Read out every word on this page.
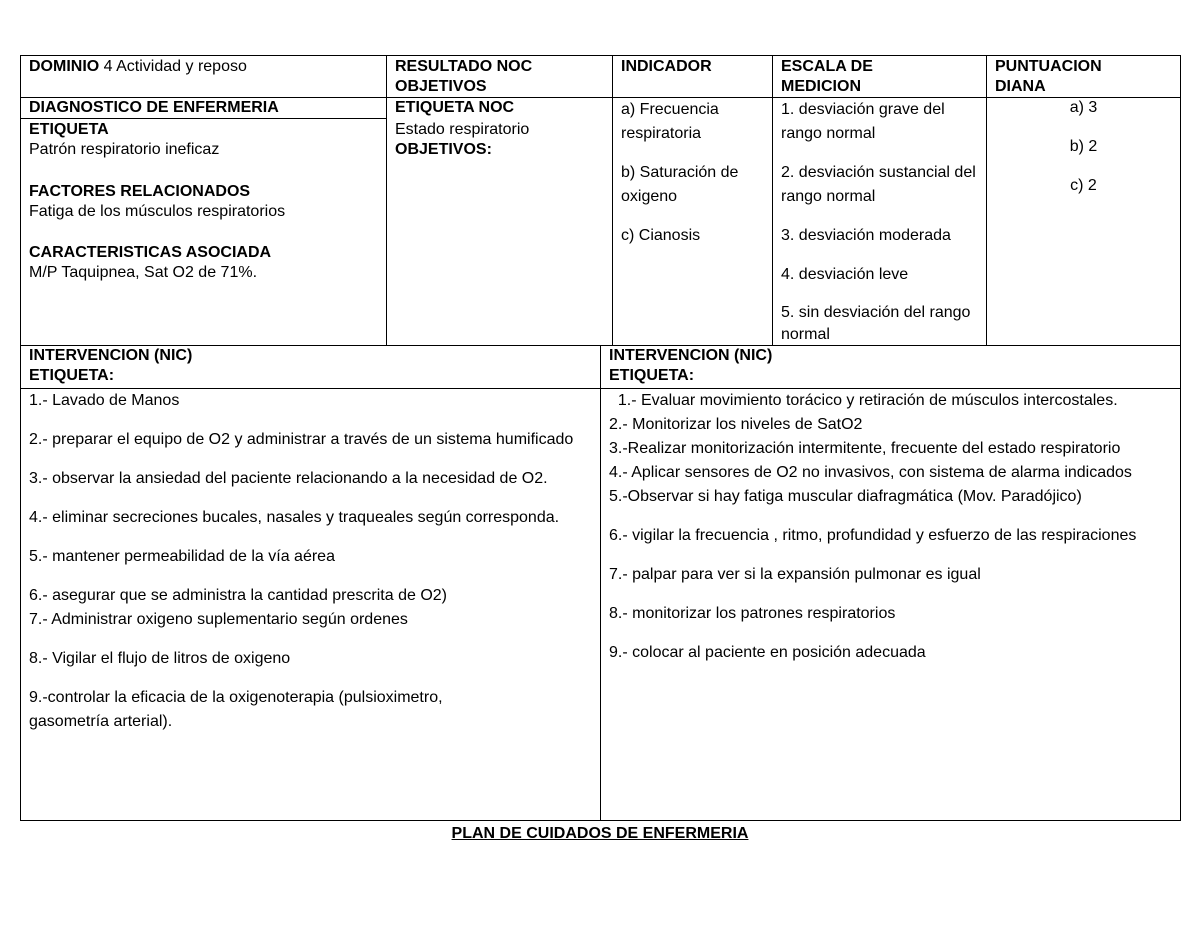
DOMINIO 4 Actividad y reposo	RESULTADO NOC

OBJETIVOS

INDICADOR	ESCALA DE

MEDICION

PUNTUACION

DIANA

DIAGNOSTICO DE ENFERMERIA

ETIQUETA

Patrón respiratorio ineficaz

FACTORES RELACIONADOS

Fatiga de los músculos respiratorios

CARACTERISTICAS ASOCIADA

M/P Taquipnea, Sat O2 de 71%.

ETIQUETA NOC

Estado respiratorio

OBJETIVOS:

a) Frecuencia respiratoria

b) Saturación de oxigeno

c) Cianosis

1. desviación grave del rango normal

2. desviación sustancial del rango normal

3. desviación moderada

4. desviación leve

5. sin desviación del rango normal

a) 3

b) 2

c) 2

INTERVENCION (NIC)

ETIQUETA:

INTERVENCION (NIC)

ETIQUETA:

1.- Lavado de Manos

2.- preparar el equipo de O2 y administrar a través de un sistema humificado

3.- observar la ansiedad del paciente relacionando a la necesidad de O2.

4.- eliminar secreciones bucales, nasales y traqueales según corresponda.

5.- mantener permeabilidad de la vía aérea

6.- asegurar que se administra la cantidad prescrita de O2)

7.- Administrar oxigeno suplementario según ordenes

8.- Vigilar el flujo de litros de oxigeno

9.-controlar la eficacia de la oxigenoterapia (pulsioximetro, gasometría arterial).

1.- Evaluar movimiento torácico y retiración de músculos intercostales.

2.- Monitorizar los niveles de SatO2

3.-Realizar monitorización intermitente, frecuente del estado respiratorio

4.- Aplicar sensores de O2 no invasivos, con sistema de alarma indicados

5.-Observar si hay fatiga muscular diafragmática (Mov. Paradójico)

6.- vigilar la frecuencia , ritmo, profundidad y esfuerzo de las respiraciones

7.- palpar para ver si la expansión pulmonar es igual

8.- monitorizar los patrones respiratorios

9.- colocar al paciente en posición adecuada

PLAN DE CUIDADOS DE ENFERMERIA
